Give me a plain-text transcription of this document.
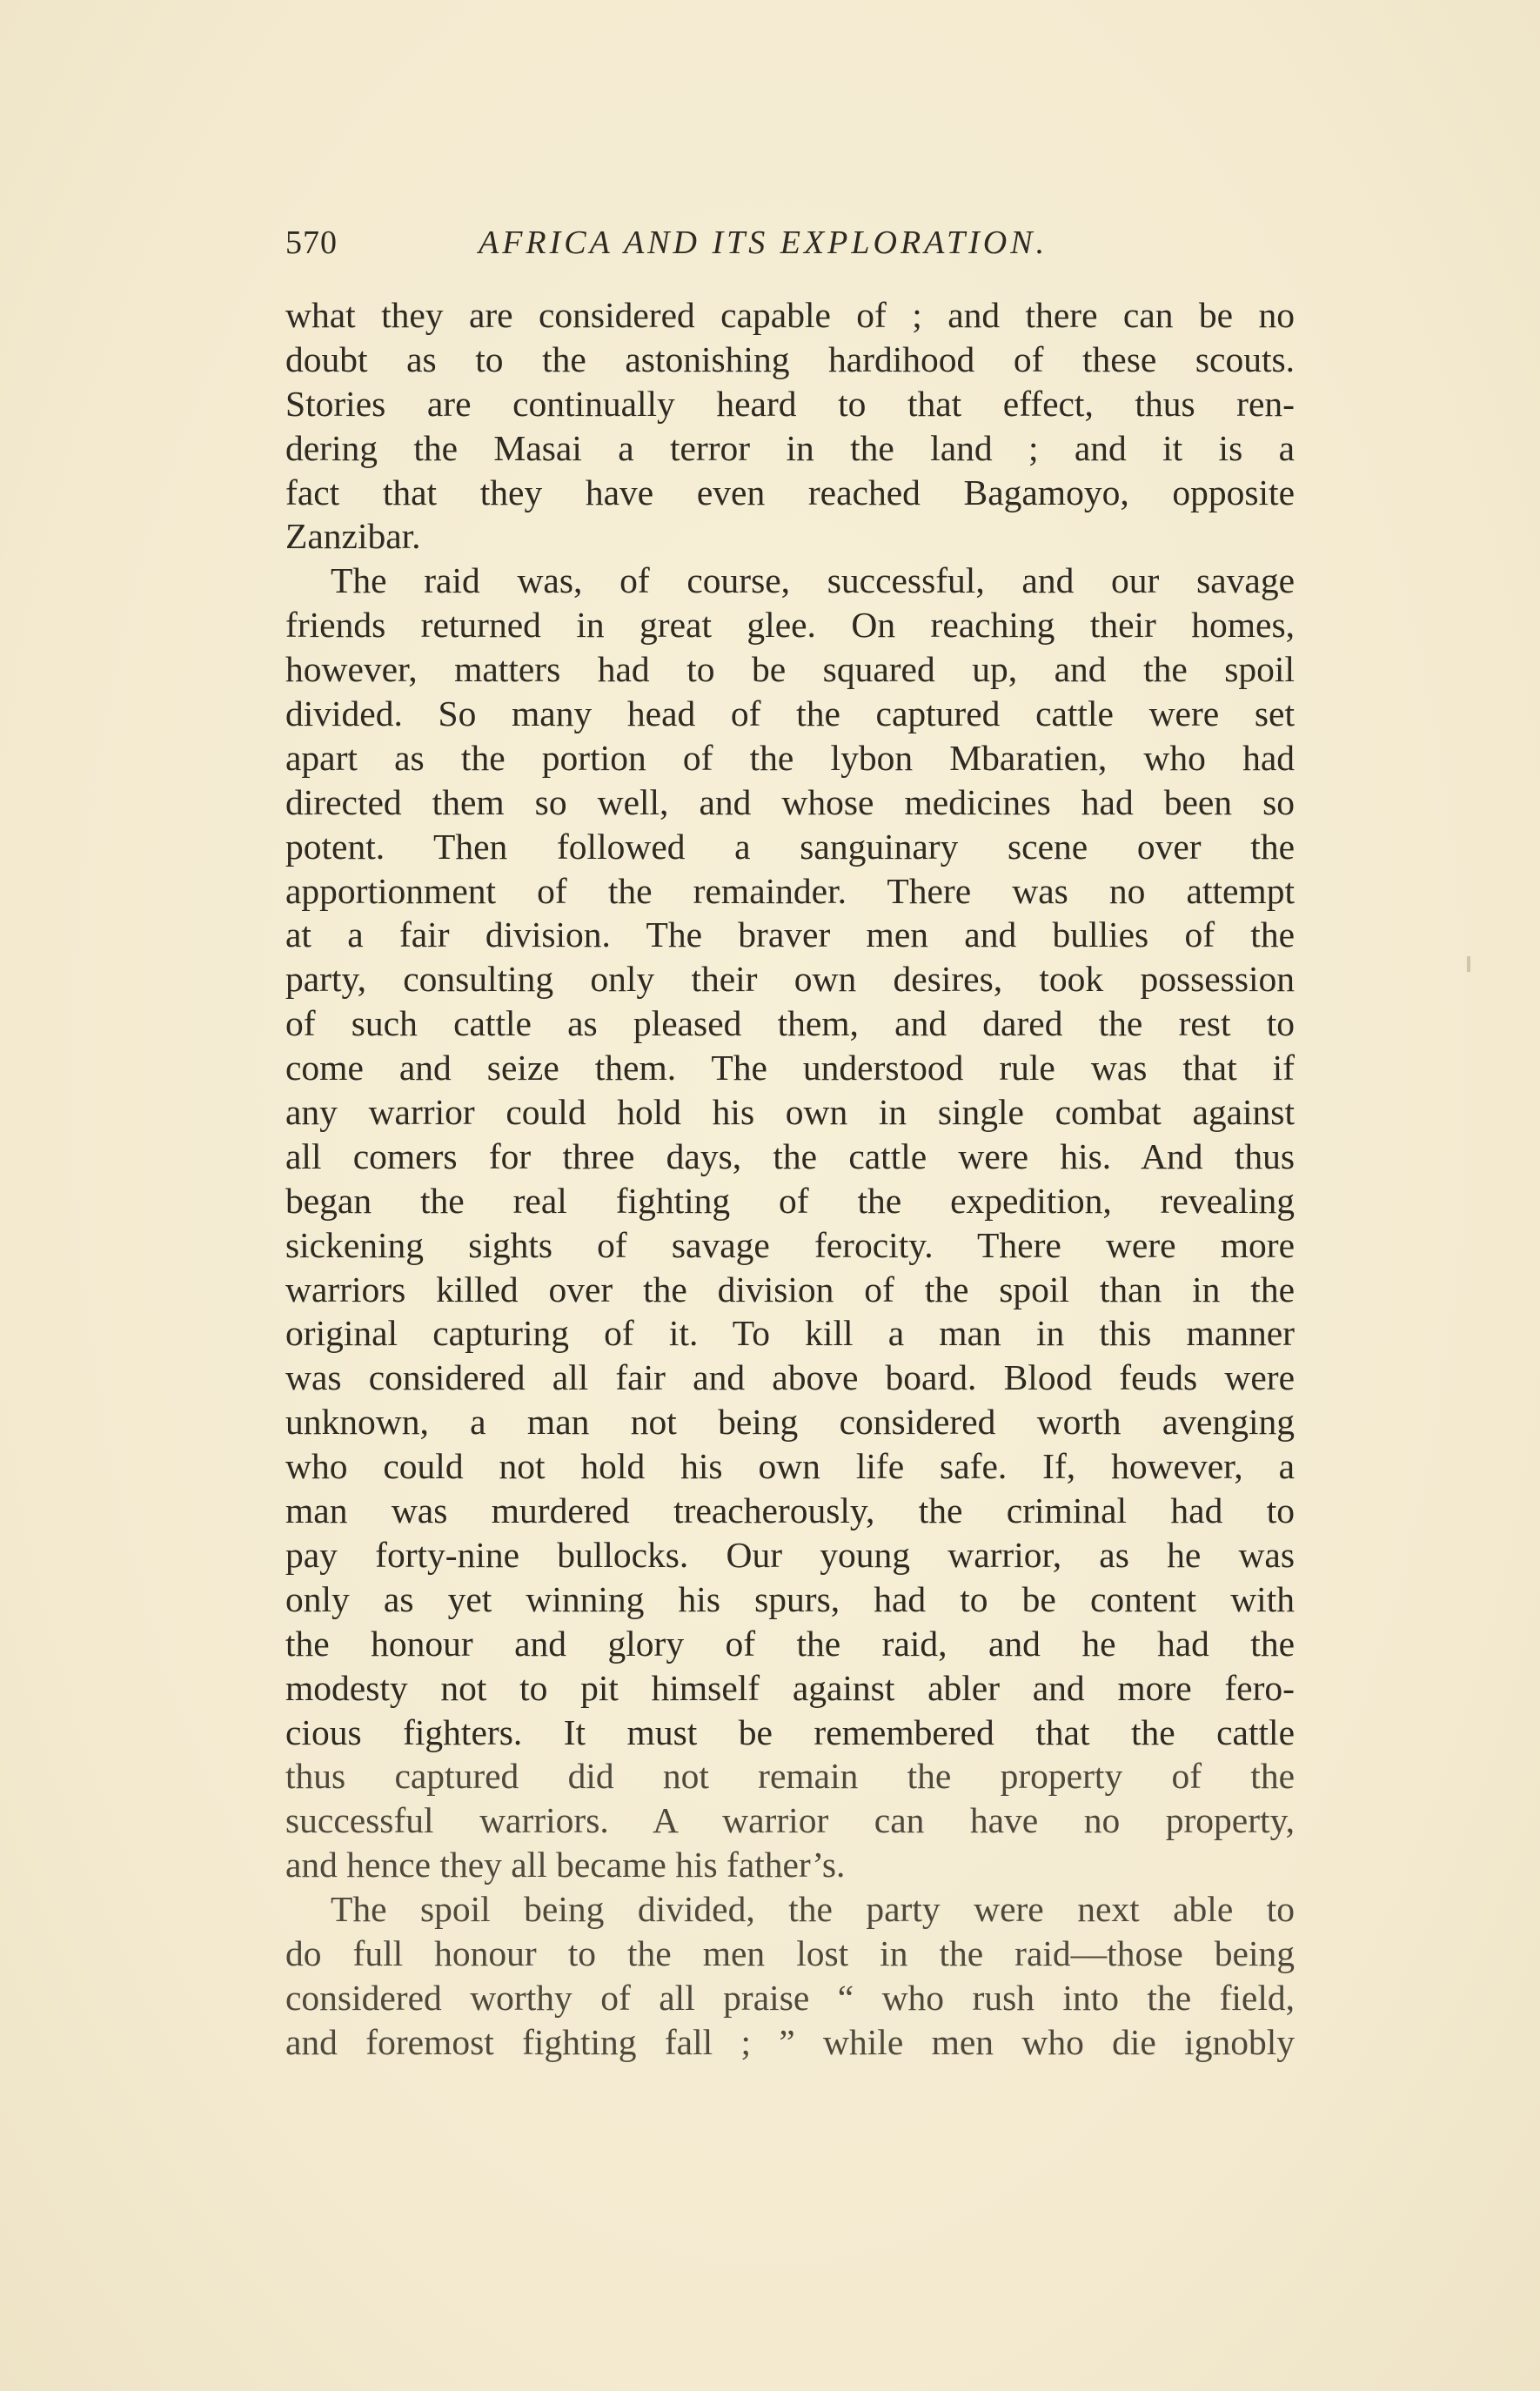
570	AFRICA AND ITS EXPLORATION.
what they are considered capable of ; and there can be no
doubt as to the astonishing hardihood of these scouts.
Stories are continually heard to that effect, thus ren-
dering the Masai a terror in the land ; and it is a
fact that they have even reached Bagamoyo, opposite
Zanzibar.
The raid was, of course, successful, and our savage
friends returned in great glee. On reaching their homes,
however, matters had to be squared up, and the spoil
divided. So many head of the captured cattle were set
apart as the portion of the lybon Mbaratien, who had
directed them so well, and whose medicines had been so
potent. Then followed a sanguinary scene over the
apportionment of the remainder. There was no attempt
at a fair division. The braver men and bullies of the
party, consulting only their own desires, took possession
of such cattle as pleased them, and dared the rest to
come and seize them. The understood rule was that if
any warrior could hold his own in single combat against
all comers for three days, the cattle were his. And thus
began the real fighting of the expedition, revealing
sickening sights of savage ferocity. There were more
warriors killed over the division of the spoil than in the
original capturing of it. To kill a man in this manner
was considered all fair and above board. Blood feuds were
unknown, a man not being considered worth avenging
who could not hold his own life safe. If, however, a
man was murdered treacherously, the criminal had to
pay forty-nine bullocks. Our young warrior, as he was
only as yet winning his spurs, had to be content with
the honour and glory of the raid, and he had the
modesty not to pit himself against abler and more fero-
cious fighters. It must be remembered that the cattle
thus captured did not remain the property of the
successful warriors. A warrior can have no property,
and hence they all became his father’s.
The spoil being divided, the party were next able to
do full honour to the men lost in the raid—those being
considered worthy of all praise “ who rush into the field,
and foremost fighting fall ; ” while men who die ignobly
